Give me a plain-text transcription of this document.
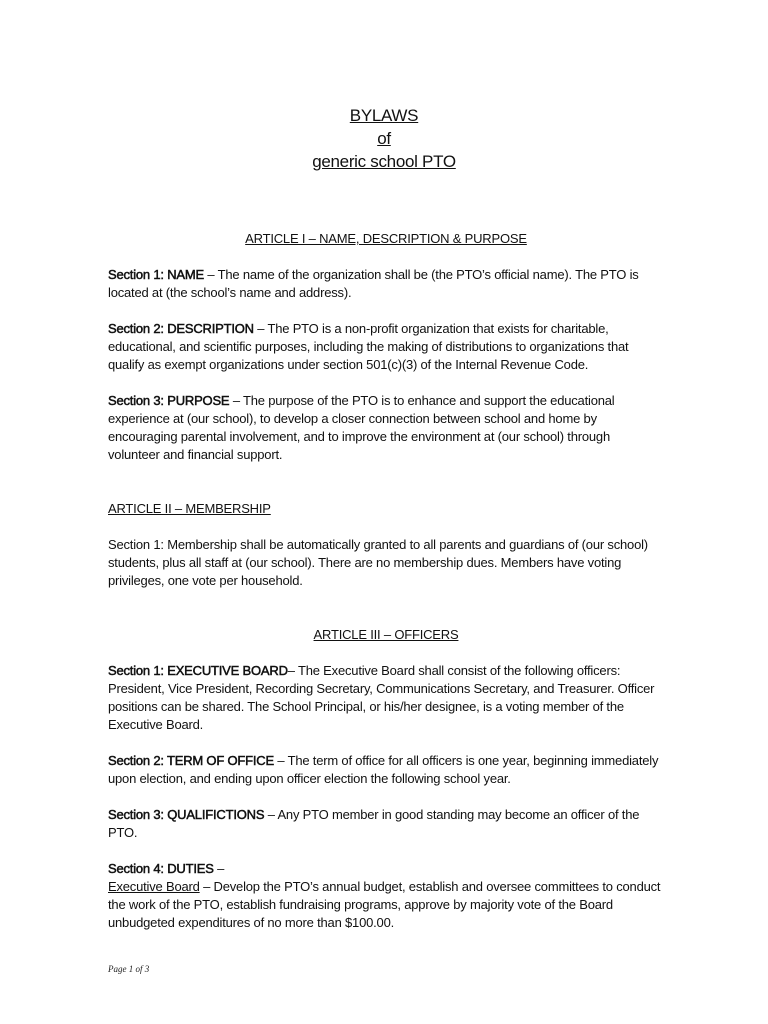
BYLAWS
of
generic school PTO

ARTICLE I – NAME, DESCRIPTION & PURPOSE

Section 1: NAME – The name of the organization shall be (the PTO’s official name). The PTO is located at (the school’s name and address).

Section 2: DESCRIPTION – The PTO is a non-profit organization that exists for charitable, educational, and scientific purposes, including the making of distributions to organizations that qualify as exempt organizations under section 501(c)(3) of the Internal Revenue Code.

Section 3: PURPOSE – The purpose of the PTO is to enhance and support the educational experience at (our school), to develop a closer connection between school and home by encouraging parental involvement, and to improve the environment at (our school) through volunteer and financial support.

ARTICLE II – MEMBERSHIP

Section 1: Membership shall be automatically granted to all parents and guardians of (our school) students, plus all staff at (our school). There are no membership dues. Members have voting privileges, one vote per household.

ARTICLE III – OFFICERS

Section 1: EXECUTIVE BOARD– The Executive Board shall consist of the following officers: President, Vice President, Recording Secretary, Communications Secretary, and Treasurer. Officer positions can be shared. The School Principal, or his/her designee, is a voting member of the Executive Board.

Section 2: TERM OF OFFICE – The term of office for all officers is one year, beginning immediately upon election, and ending upon officer election the following school year.

Section 3: QUALIFICTIONS – Any PTO member in good standing may become an officer of the PTO.

Section 4: DUTIES –

Executive Board – Develop the PTO’s annual budget, establish and oversee committees to conduct the work of the PTO, establish fundraising programs, approve by majority vote of the Board unbudgeted expenditures of no more than $100.00.

Page 1 of 3
